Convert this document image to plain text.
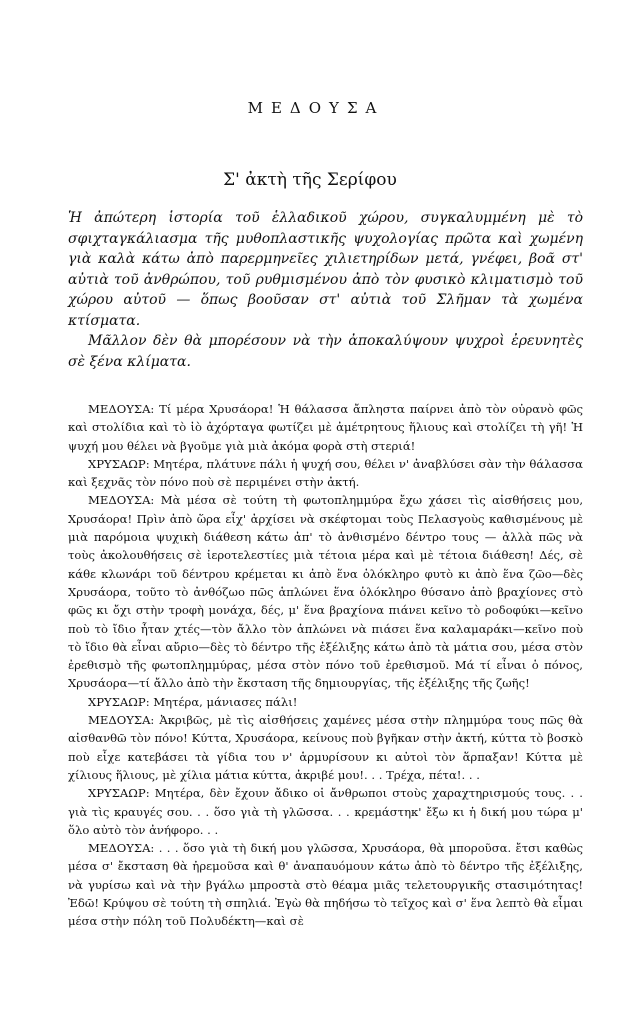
ΜΕΔΟΥΣΑ
Σ' ἀκτὴ τῆς Σερίφου

Ἡ ἀπώτερη ἱστορία τοῦ ἑλλαδικοῦ χώρου, συγκαλυμμένη μὲ τὸ σφιχταγκάλιασμα τῆς μυθοπλαστικῆς ψυχολογίας πρῶτα καὶ χωμένη γιὰ καλὰ κάτω ἀπὸ παρερμηνεῖες χιλιετηρίδων μετά, γνέφει, βοᾶ στ' αὐτιὰ τοῦ ἀνθρώπου, τοῦ ρυθμισμένου ἀπὸ τὸν φυσικὸ κλιματισμὸ τοῦ χώρου αὐτοῦ — ὅπως βοοῦσαν στ' αὐτιὰ τοῦ Σλῆμαν τὰ χωμένα κτίσματα.

Μᾶλλον δὲν θὰ μπορέσουν νὰ τὴν ἀποκαλύψουν ψυχροὶ ἐρευνητὲς σὲ ξένα κλίματα.

ΜΕΔΟΥΣΑ: Τί μέρα Χρυσάορα! Ἡ θάλασσα ἄπληστα παίρνει ἀπὸ τὸν οὐρανὸ φῶς καὶ στολίδια καὶ τὸ ἰὸ ἀχόρταγα φωτίζει μὲ ἀμέτρητους ἥλιους καὶ στολίζει τὴ γῆ! Ἡ ψυχή μου θέλει νὰ βγοῦμε γιὰ μιὰ ἀκόμα φορὰ στὴ στεριά!

ΧΡΥΣΑΩΡ: Μητέρα, πλάτυνε πάλι ἡ ψυχή σου, θέλει ν' ἀναβλύσει σὰν τὴν θάλασσα καὶ ξεχνᾶς τὸν πόνο ποὺ σὲ περιμένει στὴν ἀκτή.

ΜΕΔΟΥΣΑ: Μὰ μέσα σὲ τούτη τὴ φωτοπλημμύρα ἔχω χάσει τὶς αἰσθήσεις μου, Χρυσάορα! Πρὶν ἀπὸ ὥρα εἶχ' ἀρχίσει νὰ σκέφτομαι τοὺς Πελασγοὺς καθισμένους μὲ μιὰ παρόμοια ψυχικὴ διάθεση κάτω ἀπ' τὸ ἀνθισμένο δέντρο τους — ἀλλὰ πῶς νὰ τοὺς ἀκολουθήσεις σὲ ἱεροτελεστίες μιὰ τέτοια μέρα καὶ μὲ τέτοια διάθεση! Δές, σὲ κάθε κλωνάρι τοῦ δέντρου κρέμεται κι ἀπὸ ἕνα ὁλόκληρο φυτὸ κι ἀπὸ ἕνα ζῶο—δὲς Χρυσάορα, τοῦτο τὸ ἀνθόζωο πῶς ἁπλώνει ἕνα ὁλόκληρο θύσανο ἀπὸ βραχίονες στὸ φῶς κι ὄχι στὴν τροφὴ μονάχα, δές, μ' ἕνα βραχίονα πιάνει κεῖνο τὸ ροδοφύκι—κεῖνο ποὺ τὸ ἴδιο ἦταν χτές—τὸν ἄλλο τὸν ἁπλώνει νὰ πιάσει ἕνα καλαμαράκι—κεῖνο ποὺ τὸ ἴδιο θὰ εἶναι αὔριο—δὲς τὸ δέντρο τῆς ἐξέλιξης κάτω ἀπὸ τὰ μάτια σου, μέσα στὸν ἐρεθισμὸ τῆς φωτοπλημμύρας, μέσα στὸν πόνο τοῦ ἐρεθισμοῦ. Μά τί εἶναι ὁ πόνος, Χρυσάορα—τί ἄλλο ἀπὸ τὴν ἔκσταση τῆς δημιουργίας, τῆς ἐξέλιξης τῆς ζωῆς!

ΧΡΥΣΑΩΡ: Μητέρα, μάνιασες πάλι!

ΜΕΔΟΥΣΑ: Ἀκριβῶς, μὲ τὶς αἰσθήσεις χαμένες μέσα στὴν πλημμύρα τους πῶς θὰ αἰσθανθῶ τὸν πόνο! Κύττα, Χρυσάορα, κείνους ποὺ βγῆκαν στὴν ἀκτή, κύττα τὸ βοσκὸ ποὺ εἶχε κατεβάσει τὰ γίδια του ν' ἁρμυρίσουν κι αὐτοὶ τὸν ἅρπαξαν! Κύττα μὲ χίλιους ἥλιους, μὲ χίλια μάτια κύττα, ἀκριβέ μου!. . . Τρέχα, πέτα!. . .

ΧΡΥΣΑΩΡ: Μητέρα, δὲν ἔχουν ἄδικο οἱ ἄνθρωποι στοὺς χαραχτηρισμούς τους. . . γιὰ τὶς κραυγές σου. . . ὅσο γιὰ τὴ γλῶσσα. . . κρεμάστηκ' ἔξω κι ἡ δική μου τώρα μ' ὅλο αὐτὸ τὸν ἀνήφορο. . .

ΜΕΔΟΥΣΑ: . . . ὅσο γιὰ τὴ δική μου γλῶσσα, Χρυσάορα, θὰ μποροῦσα. ἔτσι καθὼς μέσα σ' ἔκσταση θὰ ἠρεμοῦσα καὶ θ' ἀναπαυόμουν κάτω ἀπὸ τὸ δέντρο τῆς ἐξέλιξης, νὰ γυρίσω καὶ νὰ τὴν βγάλω μπροστὰ στὸ θέαμα μιᾶς τελετουργικῆς στασιμότητας! Ἐδῶ! Κρύψου σὲ τούτη τὴ σπηλιά. Ἐγὼ θὰ πηδήσω τὸ τεῖχος καὶ σ' ἕνα λεπτὸ θὰ εἶμαι μέσα στὴν πόλη τοῦ Πολυδέκτη—καὶ σὲ
